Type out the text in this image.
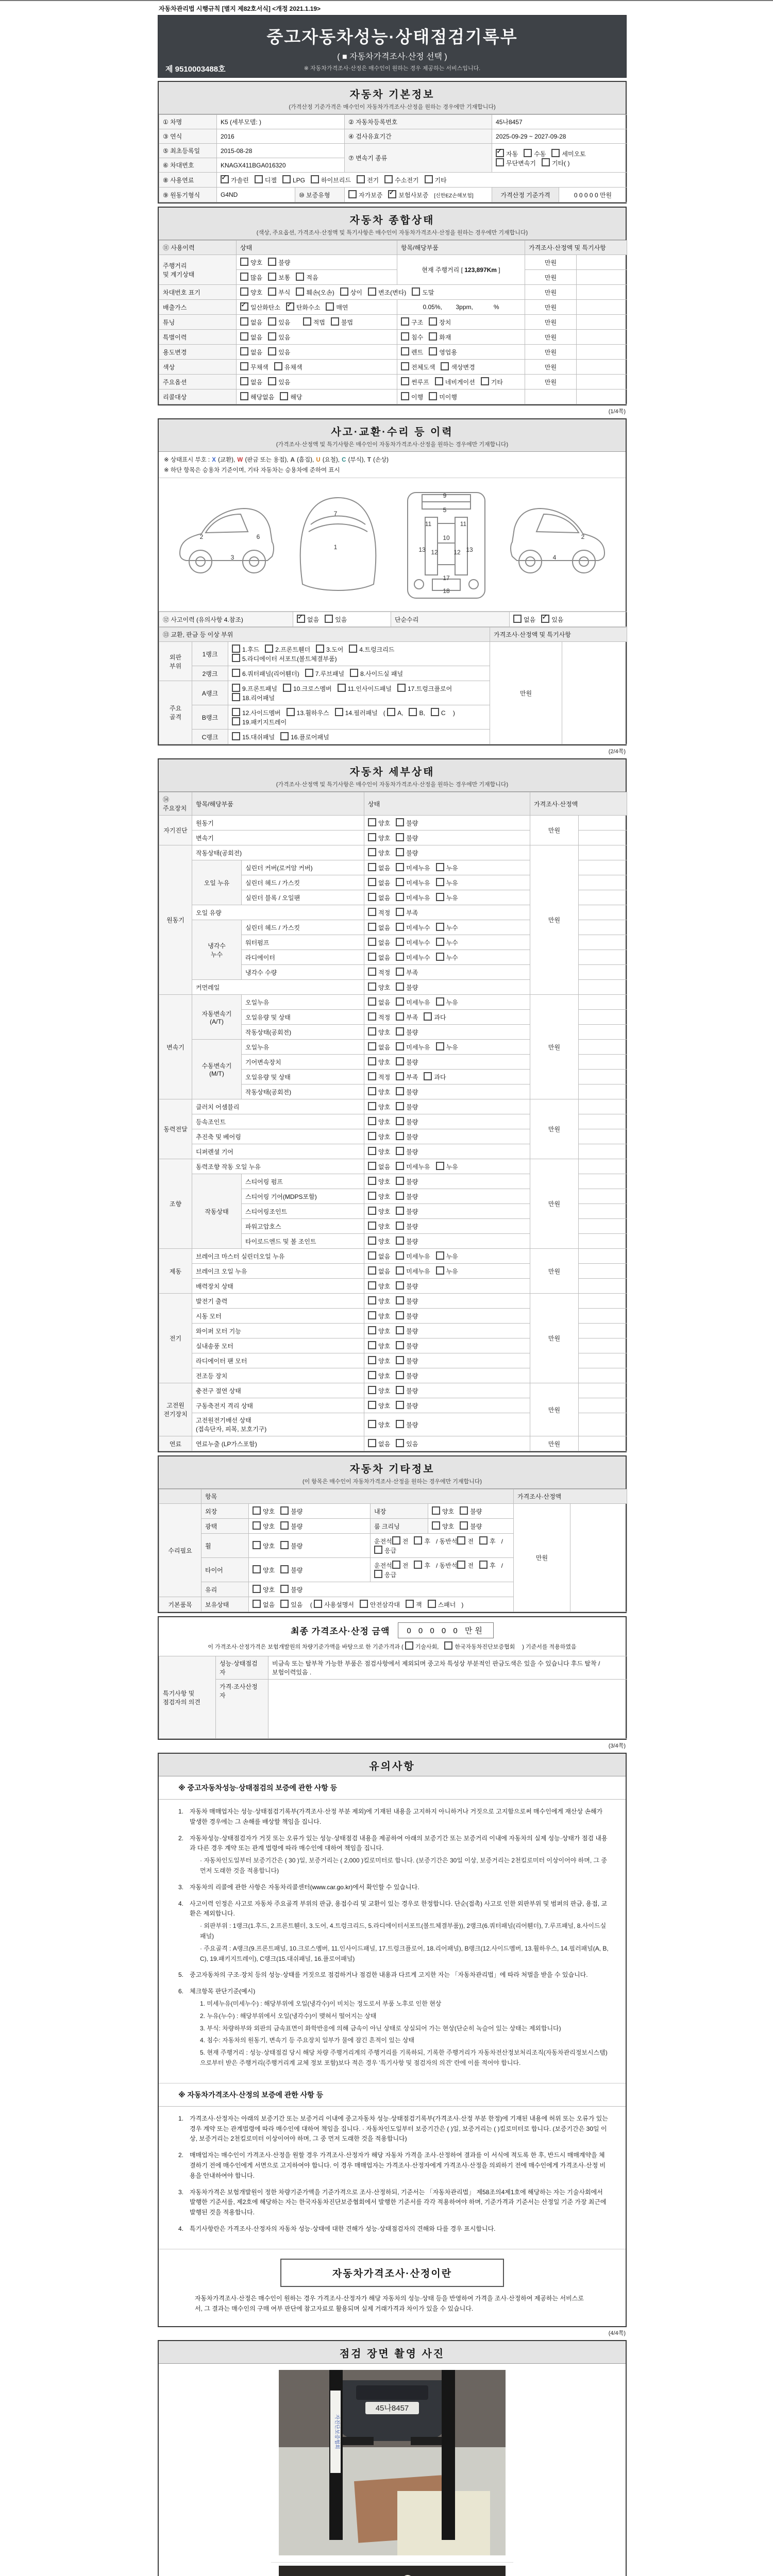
자동차관리법 시행규칙 [별지 제82호서식] <개정 2021.1.19>
중고자동차성능·상태점검기록부
( ■ 자동차가격조사·산정 선택 )
※ 자동차가격조사·산정은 매수인이 원하는 경우 제공하는 서비스입니다.
제 9510003488호
자동차 기본정보
(가격산정 기준가격은 매수인이 자동차가격조사·산정을 원하는 경우에만 기재합니다)
① 차명	K5 (세부모델: )		② 자동차등록번호	45나8457	
③ 연식	2016		④ 검사유효기간	2025-09-29 ~ 2027-09-28	
⑤ 최초등록일	2015-08-28		⑦ 변속기 종류	✓자동 수동 세미오토
무단변속기 기타( )
⑥ 차대번호	KNAGX411BGA016320				
⑧ 사용연료	✓가솔린 디젤 LPG 하이브리드 전기 수소전기 기타
⑨ 원동기형식	G4ND	⑩ 보증유형	자가보증 ✓ 보험사보증 [신한EZ손해보험]	가격산정 기준가격	0 0 0 0 0 만원
자동차 종합상태
(색상, 주요옵션, 가격조사·산정액 및 특기사항은 매수인이 자동차가격조사·산정을 원하는 경우에만 기재합니다)
⑪ 사용이력	상태	항목/해당부품	가격조사·산정액 및 특기사항	
주행거리
및 계기상태	양호 불량	현재 주행거리 [ 123,897Km ]	만원	
	많음 보통 적음		만원	
차대번호 표기	양호 부식 훼손(오손) 상이 변조(변타) 도말		만원	
배출가스	✓일산화탄소 ✓ 탄화수소 매연	0.05%,        3ppm,            %	만원	
튜닝	없음 있음 적법 불법	구조 장치	만원	
특별이력	없음 있음	침수 화재	만원	
용도변경	없음 있음	렌트 영업용	만원	
색상	무채색 유채색	전체도색 색상변경	만원	
주요옵션	없음 있음	썬루프 네비게이션 기타	만원	
리콜대상	해당없음 해당	이행 미이행		
(1/4쪽)
사고·교환·수리 등 이력
(가격조사·산정액 및 특기사항은 매수인이 자동차가격조사·산정을 원하는 경우에만 기재합니다)
※ 상태표시 부호 : X (교환), W (판금 또는 용접), A (흠집), U (요철), C (부식), T (손상)
※ 하단 항목은 승용차 기준이며, 기타 자동차는 승용차에 준하여 표시
2
3
6
1
7	5
9
11	11
13	13
12	12
10
17
18
2
4
⑫ 사고이력 (유의사항 4.참조)	✓없음	있음	단순수리	없음 ✓	있음
⑬ 교환, 판금 등 이상 부위			가격조사·산정액 및 특기사항	
외판
부위	1랭크	1.후드 2.프론트휀더 3.도어 4.트렁크리드5.라디에이터 서포트(볼트체결부품)	만원	
	2랭크	6.쿼터패널(리어휀더) 7.루브패널 8.사이드실 패널		
주요
골격	A랭크	9.프론트패널 10.크로스멤버 11.인사이드패널 17.트렁크플로어18.리어패널		
	B랭크	12.사이드멤버 13.휠하우스 14.필러패널 ( A, B, C ) 19.패키지트레이		
	C랭크	15.대쉬패널 16.플로어패널		
(2/4쪽)
자동차 세부상태
(가격조사·산정액 및 특기사항은 매수인이 자동차가격조사·산정을 원하는 경우에만 기재합니다)
⑭ 주요장치	항목/해당부품		상태	가격조사·산정액	
자기진단	원동기		양호 불량	만원	
	변속기		양호 불량		
원동기	작동상태(공회전)		양호 불량	만원	
	오일 누유	실린더 커버(로커암 커버)	없음 미세누유 누유		
		실린더 헤드 / 가스킷	없음 미세누유 누유		
		실린더 블록 / 오일팬	없음 미세누유 누유		
	오일 유량		적정 부족		
	냉각수
누수	실린더 헤드 / 가스킷	없음 미세누수 누수		
		워터펌프	없음 미세누수 누수		
		라디에이터	없음 미세누수 누수		
		냉각수 수량	적정 부족		
	커먼레일		양호 불량		
변속기	자동변속기
(A/T)	오일누유	없음 미세누유 누유	만원	
		오일유량 및 상태	적정 부족 과다		
		작동상태(공회전)	양호 불량		
	수동변속기
(M/T)	오일누유	없음 미세누유 누유		
		기어변속장치	양호 불량		
		오일유량 및 상태	적정 부족 과다		
		작동상태(공회전)	양호 불량		
동력전달	클러치 어셈블리		양호 불량	만원	
	등속조인트		양호 불량		
	추진축 및 베어링		양호 불량		
	디퍼렌셜 기어		양호 불량		
조향	동력조향 작동 오일 누유		없음 미세누유 누유	만원	
	작동상태	스티어링 펌프	양호 불량		
		스티어링 기어(MDPS포함)	양호 불량		
		스티어링조인트	양호 불량		
		파워고압호스	양호 불량		
		타이로드엔드 및 볼 조인트	양호 불량		
제동	브레이크 마스터 실린더오일 누유		없음 미세누유 누유	만원	
	브레이크 오일 누유		없음 미세누유 누유		
	배력장치 상태		양호 불량		
전기	발전기 출력		양호 불량	만원	
	시동 모터		양호 불량		
	와이퍼 모터 기능		양호 불량		
	실내송풍 모터		양호 불량		
	라디에이터 팬 모터		양호 불량		
	전조등 장치		양호 불량		
고전원
전기장치	충전구 절연 상태		양호 불량	만원	
	구동축전지 격리 상태		양호 불량		
	고전원전기배선 상태
(접속단자, 피복, 보호기구)		양호 불량		
연료	연료누출 (LP가스포함)		없음 있음	만원	
자동차 기타정보
(이 항목은 매수인이 자동차가격조사·산정을 원하는 경우에만 기재합니다)
	항목				가격조사·산정액	
수리필요	외장	양호 불량	내장	양호 불량	만원	
	광택	양호 불량	룸 크리닝	양호 불량		
	휠	양호 불량	운전석 전 후 / 동반석 전 후 / 응급			
	타이어	양호 불량	운전석 전 후 / 동반석 전 후 / 응급			
	유리	양호 불량				
기본품목	보유상태	없음 있음 ( 사용설명서 안전삼각대 잭 스패너 )				
최종 가격조사·산정 금액	0 0 0 0 0 만원
이 가격조사·산정가격은 보험개발원의 차량기준가액을 바탕으로 한 기준가격과 ( 기술사회,	한국자동차진단보증협회 ) 기준서를 적용하였음
특기사항 및
점검자의 의견	성능·상태점검
자	비금속 또는 탈부착 가능한 부품은 점검사항에서 제외되며 중고차 특성상 부분적인 판금도색은 있을 수 있습니다 후드 탈착 /보험이력있음 .
	가격·조사산정
자	
(3/4쪽)
유의사항
※ 중고자동차성능·상태점검의 보증에 관한 사항 등
1. 자동차 매매업자는 성능·상태점검기록부(가격조사·산정 부분 제외)에 기재된 내용을 고지하지 아니하거나 거짓으로 고지함으로써 매수인에게 재산상 손해가 발생한 경우에는 그 손해를 배상할 책임을 집니다.
2. 자동차성능·상태점검자가 거짓 또는 오류가 있는 성능·상태점검 내용을 제공하여 아래의 보증기간 또는 보증거리 이내에 자동차의 실제 성능·상태가 점검 내용과 다른 경우 계약 또는 관계 법령에 따라 매수인에 대하여 책임을 집니다.
· 자동차인도일부터 보증기간은 ( 30 )일, 보증거리는 ( 2,000 )킬로미터로 합니다. (보증기간은 30일 이상, 보증거리는 2천킬로미터 이상이어야 하며, 그 중 먼저 도래한 것을 적용합니다)
3. 자동차의 리콜에 관한 사항은 자동차리콜센터(www.car.go.kr)에서 확인할 수 있습니다.
4. 사고이력 인정은 사고로 자동차 주요골격 부위의 판금, 용접수리 및 교환이 있는 경우로 한정합니다. 단순(접촉) 사고로 인한 외판부위 및 범퍼의 판금, 용접, 교환은 제외합니다.
· 외판부위 : 1랭크(1.후드, 2.프론트휀더, 3.도어, 4.트렁크리드, 5.라디에이터서포트(볼트체결부품)), 2랭크(6.쿼터패널(리어휀더), 7.루프패널, 8.사이드실패널)
· 주요골격 : A랭크(9.프론트패널, 10.크로스멤버, 11.인사이드패널, 17.트렁크플로어, 18.리어패널), B랭크(12.사이드멤버, 13.휠하우스, 14.필러패널(A, B, C), 19.패키지트레이), C랭크(15.대쉬패널, 16.플로어패널)
5. 중고자동차의 구조·장치 등의 성능·상태를 거짓으로 점검하거나 점검한 내용과 다르게 고지한 자는 「자동차관리법」에 따라 처벌을 받을 수 있습니다.
6. 체크항목 판단기준(예시)
1. 미세누유(미세누수) : 해당부위에 오일(냉각수)이 비치는 정도로서 부품 노후로 인한 현상
2. 누유(누수) : 해당부위에서 오일(냉각수)이 맺혀서 떨어지는 상태
3. 부식: 차량하부와 외판의 금속표면이 화학반응에 의해 금속이 아닌 상태로 상실되어 가는 현상(단순히 녹슬어 있는 상태는 제외합니다)
4. 침수: 자동차의 원동기, 변속기 등 주요장치 일부가 물에 잠긴 흔적이 있는 상태
5. 현재 주행거리 : 성능·상태점검 당시 해당 차량 주행거리계의 주행거리를 기록하되, 기록한 주행거리가 자동차전산정보처리조직(자동차관리정보시스템)으로부터 받은 주행거리(주행거리계 교체 정보 포함)보다 적은 경우 '특기사항 및 점검자의 의견' 란에 이를 적어야 합니다.
※ 자동차가격조사·산정의 보증에 관한 사항 등
1. 가격조사·산정자는 아래의 보증기간 또는 보증거리 이내에 중고자동차 성능·상태점검기록부(가격조사·산정 부분 한정)에 기재된 내용에 허위 또는 오류가 있는 경우 계약 또는 관계법령에 따라 매수인에 대하여 책임을 집니다. · 자동차인도일부터 보증기간은 ( )일, 보증거리는 ( )킬로미터로 합니다. (보증기간은 30일 이상, 보증거리는 2천킬로미터 이상이어야 하며, 그 중 먼저 도래한 것을 적용합니다)
2. 매매업자는 매수인이 가격조사·산정을 원할 경우 가격조사·산정자가 해당 자동차 가격을 조사·산정하여 결과를 이 서식에 적도록 한 후, 반드시 매매계약을 체결하기 전에 매수인에게 서면으로 고지하여야 합니다. 이 경우 매매업자는 가격조사·산정자에게 가격조사·산정을 의뢰하기 전에 매수인에게 가격조사·산정 비용을 안내하여야 합니다.
3. 자동차가격은 보험개발원이 정한 차량기준가액을 기준가격으로 조사·산정하되, 기준서는 「자동차관리법」 제58조의4제1호에 해당하는 자는 기술사회에서 발행한 기준서를, 제2호에 해당하는 자는 한국자동차진단보증협회에서 발행한 기준서를 각각 적용하여야 하며, 기준가격과 기준서는 산정일 기준 가장 최근에 발행된 것을 적용합니다.
4. 특기사항란은 가격조사·산정자의 자동차 성능·상태에 대한 견해가 성능·상태점검자의 견해와 다를 경우 표시합니다.
자동차가격조사·산정이란
자동차가격조사·산정은 매수인이 원하는 경우 가격조사·산정자가 해당 자동차의 성능·상태 등을 반영하여 가격을 조사·산정하여 제공하는 서비스로서, 그 결과는 매수인의 구매 여부 판단에 참고자료로 활용되며 실제 거래가격과 차이가 있을 수 있습니다.
(4/4쪽)
점검 장면 촬영 사진
45나8457
자진단보증협회
